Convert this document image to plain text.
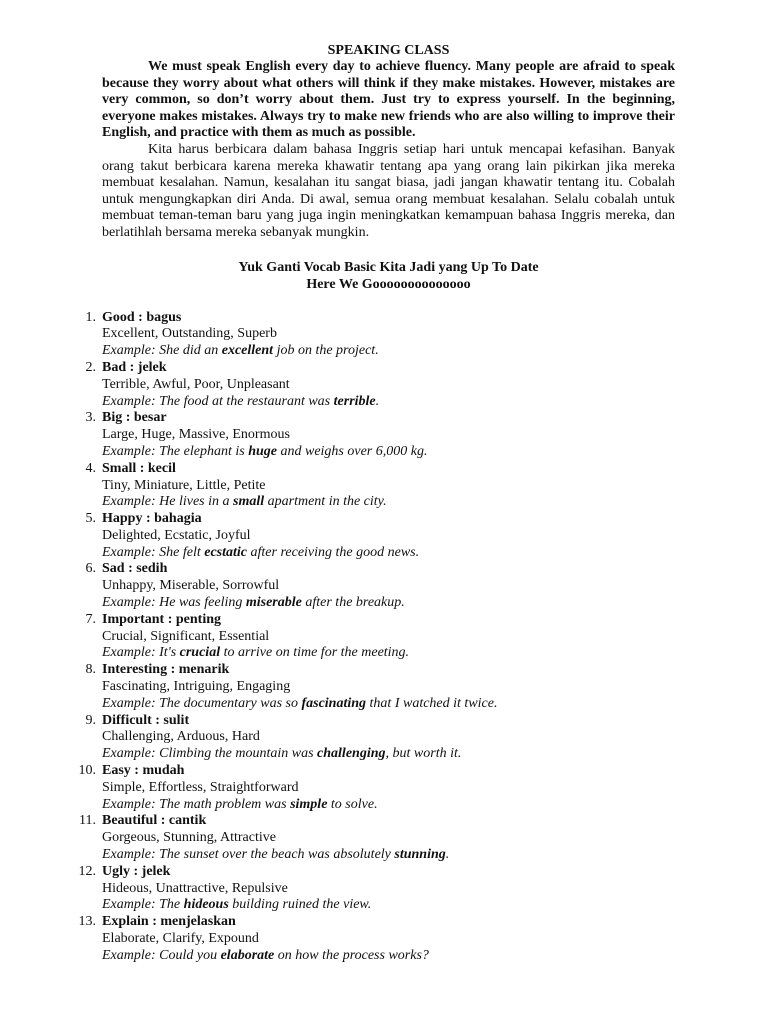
SPEAKING CLASS

We must speak English every day to achieve fluency. Many people are afraid to speak because they worry about what others will think if they make mistakes. However, mistakes are very common, so don’t worry about them. Just try to express yourself. In the beginning, everyone makes mistakes. Always try to make new friends who are also willing to improve their English, and practice with them as much as possible.

Kita harus berbicara dalam bahasa Inggris setiap hari untuk mencapai kefasihan. Banyak orang takut berbicara karena mereka khawatir tentang apa yang orang lain pikirkan jika mereka membuat kesalahan. Namun, kesalahan itu sangat biasa, jadi jangan khawatir tentang itu. Cobalah untuk mengungkapkan diri Anda. Di awal, semua orang membuat kesalahan. Selalu cobalah untuk membuat teman-teman baru yang juga ingin meningkatkan kemampuan bahasa Inggris mereka, dan berlatihlah bersama mereka sebanyak mungkin.

Yuk Ganti Vocab Basic Kita Jadi yang Up To Date
Here We Goooooooooooooo
1. Good : bagus
Excellent, Outstanding, Superb
Example: She did an excellent job on the project.
2. Bad : jelek
Terrible, Awful, Poor, Unpleasant
Example: The food at the restaurant was terrible.
3. Big : besar
Large, Huge, Massive, Enormous
Example: The elephant is huge and weighs over 6,000 kg.
4. Small : kecil
Tiny, Miniature, Little, Petite
Example: He lives in a small apartment in the city.
5. Happy : bahagia
Delighted, Ecstatic, Joyful
Example: She felt ecstatic after receiving the good news.
6. Sad : sedih
Unhappy, Miserable, Sorrowful
Example: He was feeling miserable after the breakup.
7. Important : penting
Crucial, Significant, Essential
Example: It's crucial to arrive on time for the meeting.
8. Interesting : menarik
Fascinating, Intriguing, Engaging
Example: The documentary was so fascinating that I watched it twice.
9. Difficult : sulit
Challenging, Arduous, Hard
Example: Climbing the mountain was challenging, but worth it.
10. Easy : mudah
Simple, Effortless, Straightforward
Example: The math problem was simple to solve.
11. Beautiful : cantik
Gorgeous, Stunning, Attractive
Example: The sunset over the beach was absolutely stunning.
12. Ugly : jelek
Hideous, Unattractive, Repulsive
Example: The hideous building ruined the view.
13. Explain : menjelaskan
Elaborate, Clarify, Expound
Example: Could you elaborate on how the process works?
